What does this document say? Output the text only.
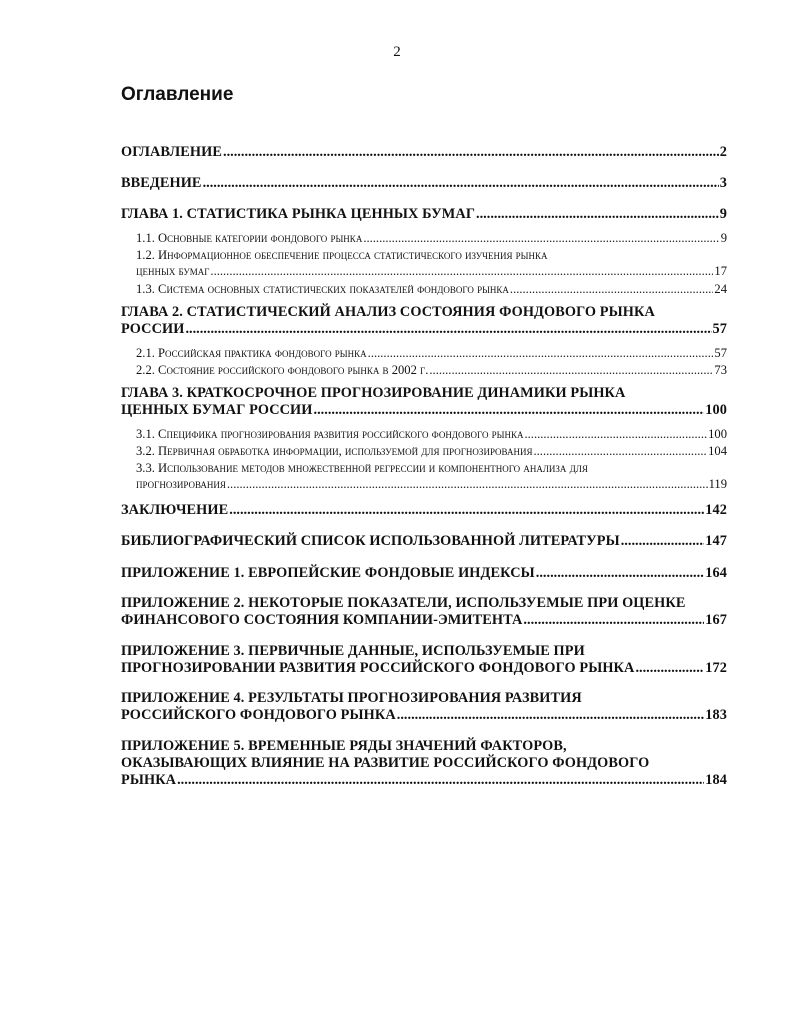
2
Оглавление
ОГЛАВЛЕНИЕ .....	2
ВВЕДЕНИЕ .....	3
ГЛАВА 1. СТАТИСТИКА РЫНКА ЦЕННЫХ БУМАГ .....	9
1.1. Основные категории фондового рынка .....	9
1.2. Информационное обеспечение процесса статистического изучения рынка
ценных бумаг .....	17
1.3. Система основных статистических показателей фондового рынка .....	24
ГЛАВА 2. СТАТИСТИЧЕСКИЙ АНАЛИЗ СОСТОЯНИЯ ФОНДОВОГО РЫНКА
РОССИИ .....	57
2.1. Российская практика фондового рынка .....	57
2.2. Состояние российского фондового рынка в 2002 г. .....	73
ГЛАВА 3. КРАТКОСРОЧНОЕ ПРОГНОЗИРОВАНИЕ ДИНАМИКИ РЫНКА
ЦЕННЫХ БУМАГ РОССИИ .....	100
3.1. Специфика прогнозирования развития российского фондового рынка .....	100
3.2. Первичная обработка информации, используемой для прогнозирования .....	104
3.3. Использование методов множественной регрессии и компонентного анализа для
прогнозирования .....	119
ЗАКЛЮЧЕНИЕ .....	142
БИБЛИОГРАФИЧЕСКИЙ СПИСОК ИСПОЛЬЗОВАННОЙ ЛИТЕРАТУРЫ .....	147
ПРИЛОЖЕНИЕ 1. ЕВРОПЕЙСКИЕ ФОНДОВЫЕ ИНДЕКСЫ .....	164
ПРИЛОЖЕНИЕ 2. НЕКОТОРЫЕ ПОКАЗАТЕЛИ, ИСПОЛЬЗУЕМЫЕ ПРИ ОЦЕНКЕ
ФИНАНСОВОГО СОСТОЯНИЯ КОМПАНИИ-ЭМИТЕНТА .....	167
ПРИЛОЖЕНИЕ 3. ПЕРВИЧНЫЕ ДАННЫЕ, ИСПОЛЬЗУЕМЫЕ ПРИ
ПРОГНОЗИРОВАНИИ РАЗВИТИЯ РОССИЙСКОГО ФОНДОВОГО РЫНКА .....	172
ПРИЛОЖЕНИЕ 4. РЕЗУЛЬТАТЫ ПРОГНОЗИРОВАНИЯ РАЗВИТИЯ
РОССИЙСКОГО ФОНДОВОГО РЫНКА .....	183
ПРИЛОЖЕНИЕ 5. ВРЕМЕННЫЕ РЯДЫ ЗНАЧЕНИЙ ФАКТОРОВ,
ОКАЗЫВАЮЩИХ ВЛИЯНИЕ НА РАЗВИТИЕ РОССИЙСКОГО ФОНДОВОГО
РЫНКА .....	184
